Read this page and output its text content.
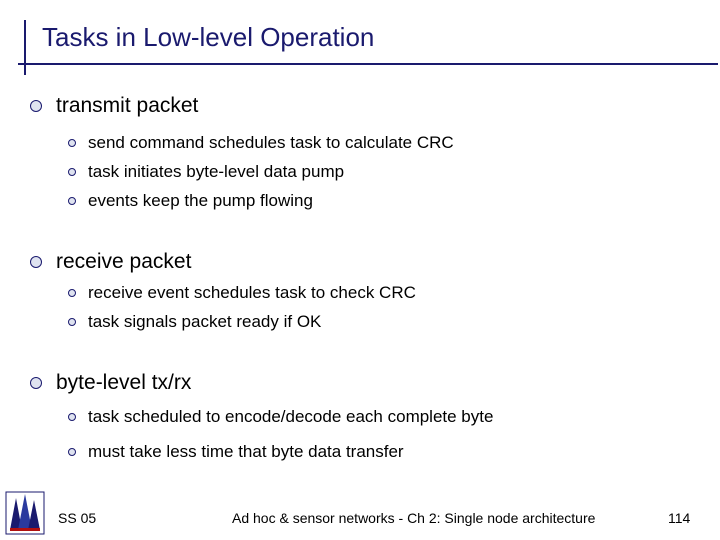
Tasks in Low-level Operation
transmit packet
send command schedules task to calculate CRC
task initiates byte-level data pump
events keep the pump flowing
receive packet
receive event schedules task to check CRC
task signals packet ready if OK
byte-level tx/rx
task scheduled to encode/decode each complete byte
must take less time that byte data transfer
SS 05	Ad hoc & sensor networks - Ch 2: Single node architecture	114
